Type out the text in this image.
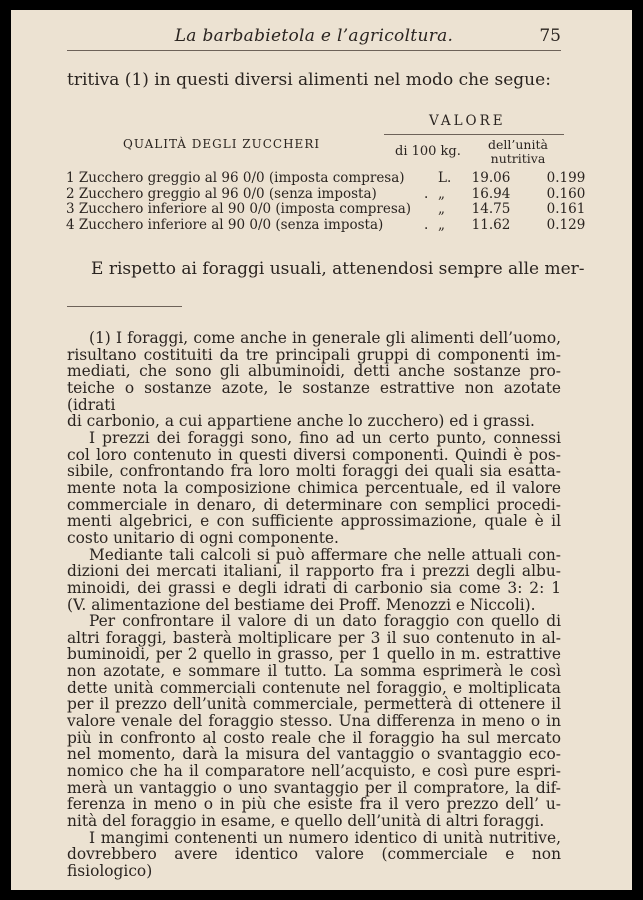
La barbabietola e l’agricoltura.	75
tritiva (1) in questi diversi alimenti nel modo che segue:
VALORE
QUALITÀ DEGLI ZUCCHERI	di 100 kg.	dell’unità
nutritiva
1 Zucchero greggio al 96 0/0 (imposta compresa) L.	19.06	0.199
2 Zucchero greggio al 96 0/0 (senza imposta)	. „	16.94	0.160
3 Zucchero inferiore al 90 0/0 (imposta compresa) „	14.75	0.161
4 Zucchero inferiore al 90 0/0 (senza imposta)	. „	11.62	0.129
E rispetto ai foraggi usuali, attenendosi sempre alle mer-

(1) I foraggi, come anche in generale gli alimenti dell’uomo,

risultano costituiti da tre principali gruppi di componenti im-

mediati, che sono gli albuminoidi, detti anche sostanze pro-

teiche o sostanze azote, le sostanze estrattive non azotate (idrati

di carbonio, a cui appartiene anche lo zucchero) ed i grassi.

I prezzi dei foraggi sono, fino ad un certo punto, connessi

col loro contenuto in questi diversi componenti. Quindi è pos-

sibile, confrontando fra loro molti foraggi dei quali sia esatta-

mente nota la composizione chimica percentuale, ed il valore

commerciale in denaro, di determinare con semplici procedi-

menti algebrici, e con sufficiente approssimazione, quale è il

costo unitario di ogni componente.

Mediante tali calcoli si può affermare che nelle attuali con-

dizioni dei mercati italiani, il rapporto fra i prezzi degli albu-

minoidi, dei grassi e degli idrati di carbonio sia come 3: 2: 1

(V. alimentazione del bestiame dei Proff. Menozzi e Niccoli).

Per confrontare il valore di un dato foraggio con quello di

altri foraggi, basterà moltiplicare per 3 il suo contenuto in al-

buminoidi, per 2 quello in grasso, per 1 quello in m. estrattive

non azotate, e sommare il tutto. La somma esprimerà le così

dette unità commerciali contenute nel foraggio, e moltiplicata

per il prezzo dell’unità commerciale, permetterà di ottenere il

valore venale del foraggio stesso. Una differenza in meno o in

più in confronto al costo reale che il foraggio ha sul mercato

nel momento, darà la misura del vantaggio o svantaggio eco-

nomico che ha il comparatore nell’acquisto, e così pure espri-

merà un vantaggio o uno svantaggio per il compratore, la dif-

ferenza in meno o in più che esiste fra il vero prezzo dell’ u-

nità del foraggio in esame, e quello dell’unità di altri foraggi.

I mangimi contenenti un numero identico di unità nutritive,

dovrebbero avere identico valore (commerciale e non fisiologico)
